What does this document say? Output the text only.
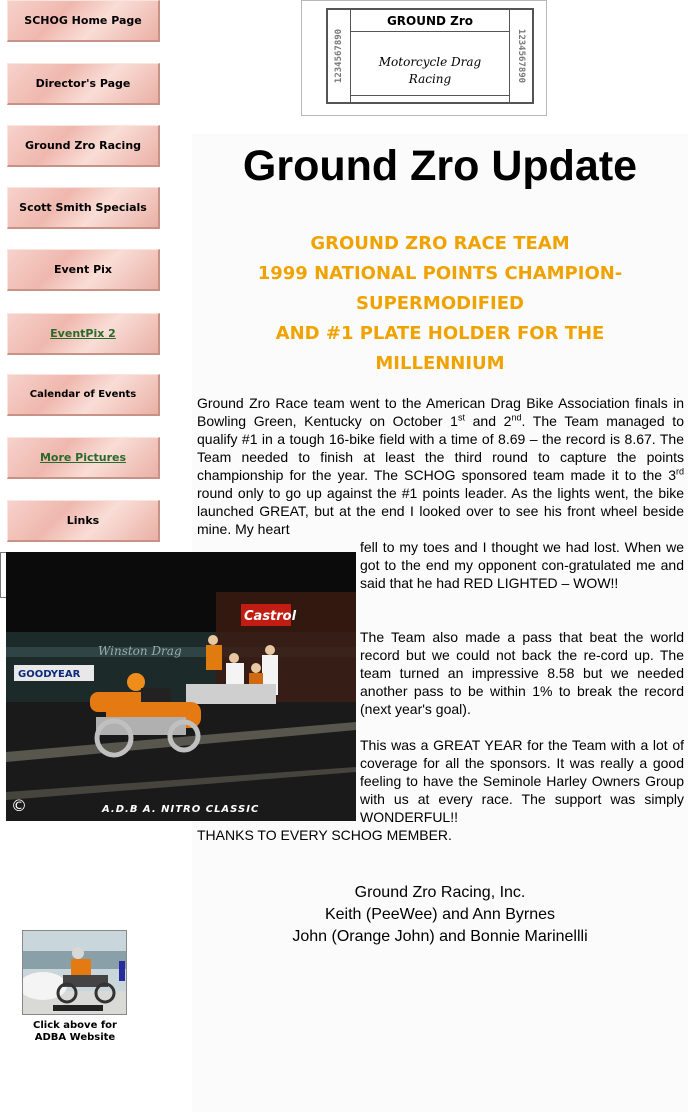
SCHOG Home Page
Director's Page
Ground Zro Racing
Scott Smith Specials
Event Pix
EventPix 2
Calendar of Events
More Pictures
Links
1234567890	1234567890
GROUND Zro
Motorcycle Drag
Racing
Ground Zro Update
GROUND ZRO RACE TEAM
1999 NATIONAL POINTS CHAMPION-
SUPERMODIFIED
AND #1 PLATE HOLDER FOR THE
MILLENNIUM

Ground Zro Race team went to the American Drag Bike Association finals in Bowling Green, Kentucky on October 1st and 2nd. The Team managed to qualify #1 in a tough 16-bike field with a time of 8.69 – the record is 8.67. The Team needed to finish at least the third round to capture the points championship for the year. The SCHOG sponsored team made it to the 3rd round only to go up against the #1 points leader. As the lights went, the bike launched GREAT, but at the end I looked over to see his front wheel beside mine. My heart

fell to my toes and I thought we had lost. When we got to the end my opponent con-gratulated me and said that he had RED LIGHTED – WOW!!

The Team also made a pass that beat the world record but we could not back the re-cord up. The team turned an impressive 8.58 but we needed another pass to be within 1% to break the record (next year's goal).

This was a GREAT YEAR for the Team with a lot of coverage for all the sponsors. It was really a good feeling to have the Seminole Harley Owners Group with us at every race. The support was simply WONDERFUL!!

THANKS TO EVERY SCHOG MEMBER.

Castrol
GOODYEAR
Winston Drag
©	A.D.B A. NITRO CLASSIC
Ground Zro Racing, Inc.
Keith (PeeWee) and Ann Byrnes
John (Orange John) and Bonnie Marinellli
Click above for
ADBA Website
